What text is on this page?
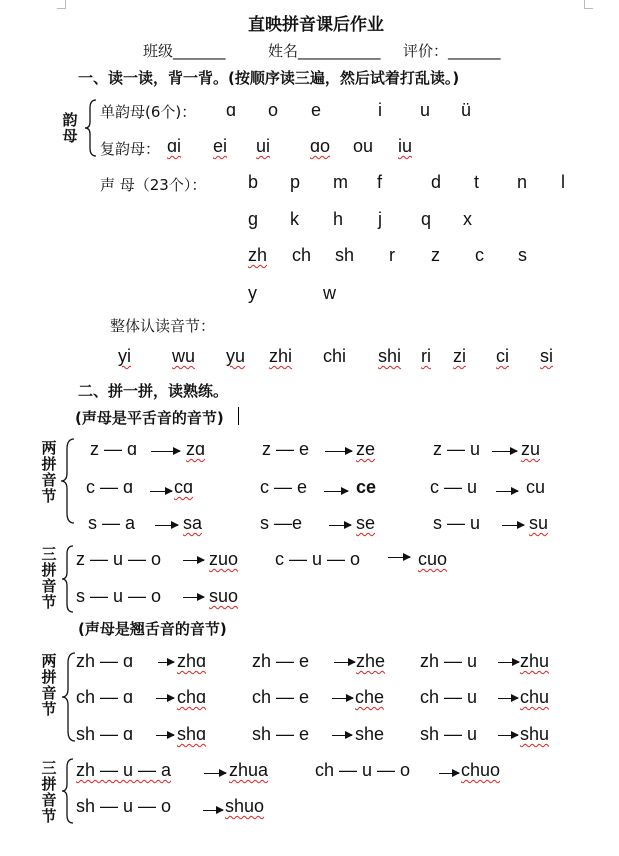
直映拼音课后作业
班级_______	姓名___________ 评价：_______
一、读一读，背一背。(按顺序读三遍，然后试着打乱读。)
韵
母
单韵母(6个)： ɑ o e	i u ü
复韵母： ɑi ei ui ɑo ou iu
声 母（23个）： b p m f	d t n l
g k h j q x
zh ch sh r z c s
y	w
整体认读音节：
yi wu yu zhi chi shi ri zi ci si
二、拼一拼，读熟练。
(声母是平舌音的音节)
两
拼
音
节
z — ɑ	zɑ	z — e	ze	z — u zu
c — ɑ cɑ	c — e	ce	c — u	cu
s — a	sa	s —e	se	s — u	su
三
拼
音
节
z — u — o	zuo c — u — o	cuo
s — u — o	suo
(声母是翘舌音的音节)
两
拼
音
节
zh — ɑ zhɑ	zh — e	zhe zh — u zhu
ch — ɑ chɑ	ch — e	che ch — u chu
sh — ɑ shɑ	sh — e	she sh — u shu
三
拼
音
节
zh — u — a	zhua	ch — u — o	chuo
sh — u — o	shuo
